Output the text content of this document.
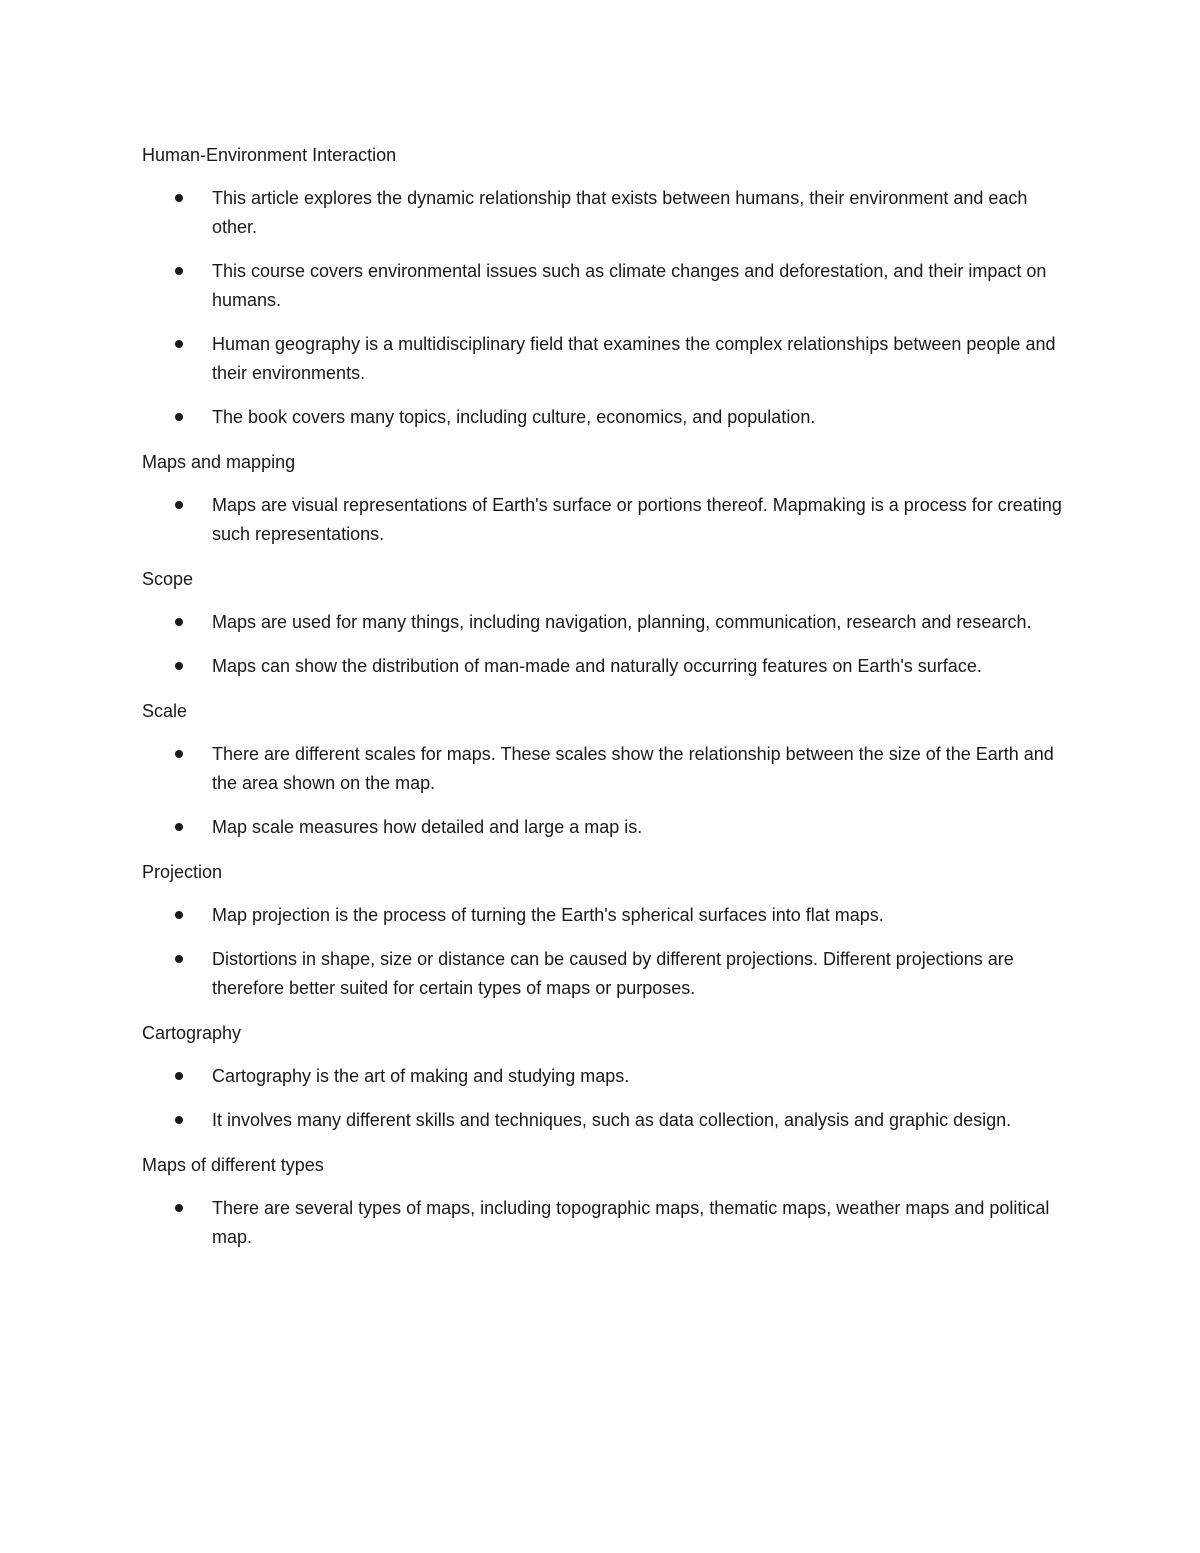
Human-Environment Interaction
This article explores the dynamic relationship that exists between humans, their environment and each other.
This course covers environmental issues such as climate changes and deforestation, and their impact on humans.
Human geography is a multidisciplinary field that examines the complex relationships between people and their environments.
The book covers many topics, including culture, economics, and population.
Maps and mapping
Maps are visual representations of Earth's surface or portions thereof. Mapmaking is a process for creating such representations.
Scope
Maps are used for many things, including navigation, planning, communication, research and research.
Maps can show the distribution of man-made and naturally occurring features on Earth's surface.
Scale
There are different scales for maps. These scales show the relationship between the size of the Earth and the area shown on the map.
Map scale measures how detailed and large a map is.
Projection
Map projection is the process of turning the Earth's spherical surfaces into flat maps.
Distortions in shape, size or distance can be caused by different projections. Different projections are therefore better suited for certain types of maps or purposes.
Cartography
Cartography is the art of making and studying maps.
It involves many different skills and techniques, such as data collection, analysis and graphic design.
Maps of different types
There are several types of maps, including topographic maps, thematic maps, weather maps and political map.
